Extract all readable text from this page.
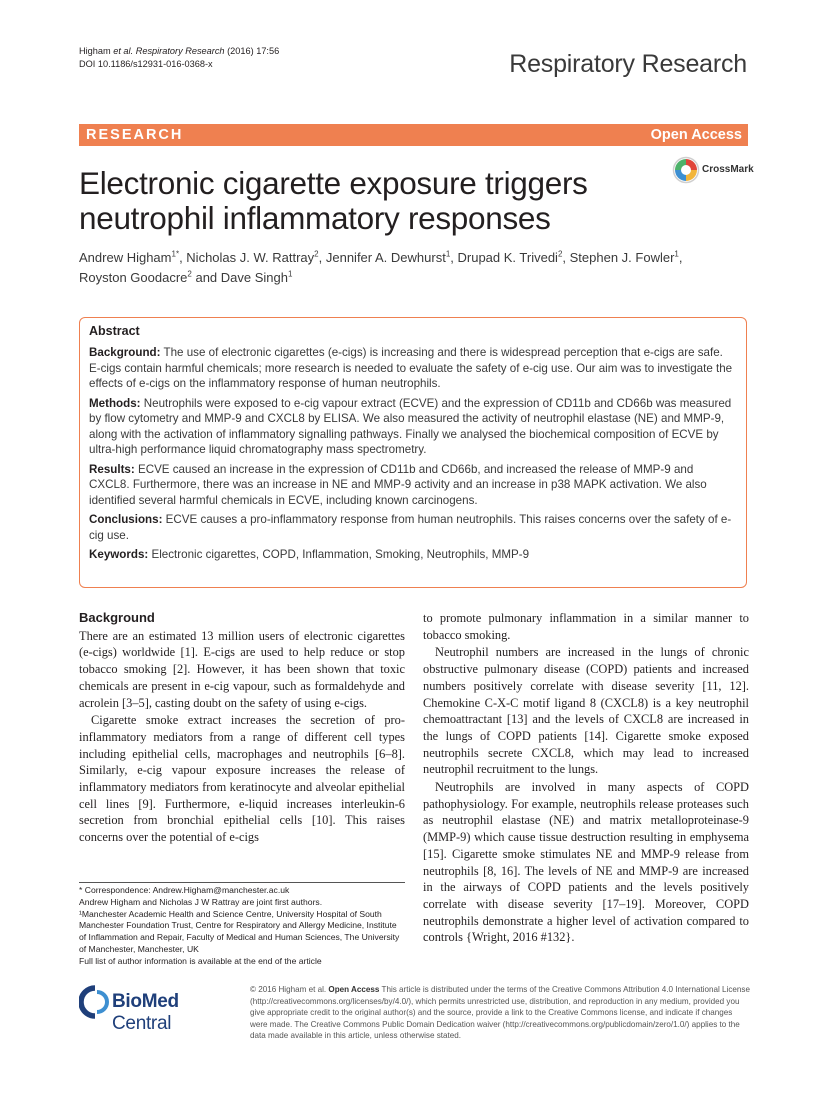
Higham et al. Respiratory Research (2016) 17:56
DOI 10.1186/s12931-016-0368-x	Respiratory Research
RESEARCH	Open Access
Electronic cigarette exposure triggers neutrophil inflammatory responses
CrossMark
Andrew Higham$^{1*}$, Nicholas J. W. Rattray$^2$, Jennifer A. Dewhurst$^1$, Drupad K. Trivedi$^2$, Stephen J. Fowler$^1$,
Royston Goodacre$^2$ and Dave Singh$^1$
Abstract

Background: The use of electronic cigarettes (e-cigs) is increasing and there is widespread perception that e-cigs are safe. E-cigs contain harmful chemicals; more research is needed to evaluate the safety of e-cig use. Our aim was to investigate the effects of e-cigs on the inflammatory response of human neutrophils.

Methods: Neutrophils were exposed to e-cig vapour extract (ECVE) and the expression of CD11b and CD66b was measured by flow cytometry and MMP-9 and CXCL8 by ELISA. We also measured the activity of neutrophil elastase (NE) and MMP-9, along with the activation of inflammatory signalling pathways. Finally we analysed the biochemical composition of ECVE by ultra-high performance liquid chromatography mass spectrometry.

Results: ECVE caused an increase in the expression of CD11b and CD66b, and increased the release of MMP-9 and CXCL8. Furthermore, there was an increase in NE and MMP-9 activity and an increase in p38 MAPK activation. We also identified several harmful chemicals in ECVE, including known carcinogens.

Conclusions: ECVE causes a pro-inflammatory response from human neutrophils. This raises concerns over the safety of e-cig use.

Keywords: Electronic cigarettes, COPD, Inflammation, Smoking, Neutrophils, MMP-9

Background

There are an estimated 13 million users of electronic cigarettes (e-cigs) worldwide [1]. E-cigs are used to help reduce or stop tobacco smoking [2]. However, it has been shown that toxic chemicals are present in e-cig vapour, such as formaldehyde and acrolein [3–5], casting doubt on the safety of using e-cigs.

Cigarette smoke extract increases the secretion of pro-inflammatory mediators from a range of different cell types including epithelial cells, macrophages and neutrophils [6–8]. Similarly, e-cig vapour exposure increases the release of inflammatory mediators from keratinocyte and alveolar epithelial cell lines [9]. Furthermore, e-liquid increases interleukin-6 secretion from bronchial epithelial cells [10]. This raises concerns over the potential of e-cigs

to promote pulmonary inflammation in a similar manner to tobacco smoking.

Neutrophil numbers are increased in the lungs of chronic obstructive pulmonary disease (COPD) patients and increased numbers positively correlate with disease severity [11, 12]. Chemokine C-X-C motif ligand 8 (CXCL8) is a key neutrophil chemoattractant [13] and the levels of CXCL8 are increased in the lungs of COPD patients [14]. Cigarette smoke exposed neutrophils secrete CXCL8, which may lead to increased neutrophil recruitment to the lungs.

Neutrophils are involved in many aspects of COPD pathophysiology. For example, neutrophils release proteases such as neutrophil elastase (NE) and matrix metalloproteinase-9 (MMP-9) which cause tissue destruction resulting in emphysema [15]. Cigarette smoke stimulates NE and MMP-9 release from neutrophils [8, 16]. The levels of NE and MMP-9 are increased in the airways of COPD patients and the levels positively correlate with disease severity [17–19]. Moreover, COPD neutrophils demonstrate a higher level of activation compared to controls {Wright, 2016 #132}.

* Correspondence: Andrew.Higham@manchester.ac.uk
Andrew Higham and Nicholas J W Rattray are joint first authors.
¹Manchester Academic Health and Science Centre, University Hospital of South Manchester Foundation Trust, Centre for Respiratory and Allergy Medicine, Institute of Inflammation and Repair, Faculty of Medical and Human Sciences, The University of Manchester, Manchester, UK
Full list of author information is available at the end of the article
BioMed Central
© 2016 Higham et al. Open Access This article is distributed under the terms of the Creative Commons Attribution 4.0 International License (http://creativecommons.org/licenses/by/4.0/), which permits unrestricted use, distribution, and reproduction in any medium, provided you give appropriate credit to the original author(s) and the source, provide a link to the Creative Commons license, and indicate if changes were made. The Creative Commons Public Domain Dedication waiver (http://creativecommons.org/publicdomain/zero/1.0/) applies to the data made available in this article, unless otherwise stated.
